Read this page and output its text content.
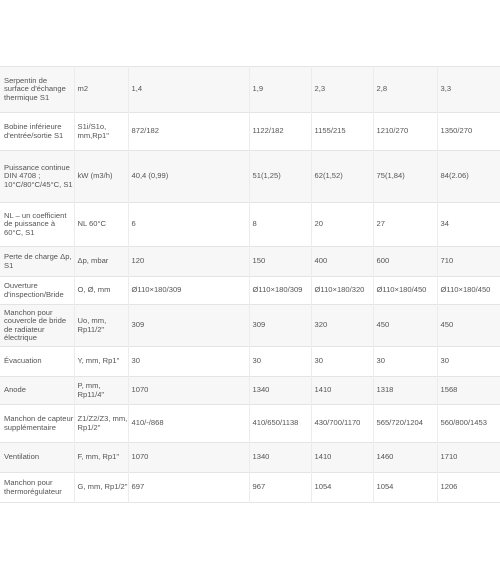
Serpentin de surface d'échange thermique S1	m2	1,4	1,9	2,3	2,8	3,3
Bobine inférieure d'entrée/sortie S1	S1i/S1o, mm,Rp1"	872/182	1122/182	1155/215	1210/270	1350/270
Puissance continue DIN 4708 ; 10°C/80°C/45°C, S1	kW (m3/h)	40,4 (0,99)	51(1,25)	62(1,52)	75(1,84)	84(2.06)
NL – un coefficient de puissance à 60°C, S1	NL 60°C	6	8	20	27	34
Perte de charge Δp, S1	Δp, mbar	120	150	400	600	710
Ouverture d'inspection/Bride	O, Ø, mm	Ø110×180/309	Ø110×180/309	Ø110×180/320	Ø110×180/450	Ø110×180/450
Manchon pour couvercle de bride de radiateur électrique	Uo, mm, Rp11/2"	309	309	320	450	450
Évacuation	Y, mm, Rp1"	30	30	30	30	30
Anode	P, mm, Rp11/4"	1070	1340	1410	1318	1568
Manchon de capteur supplémentaire	Z1/Z2/Z3, mm, Rp1/2"	410/-/868	410/650/1138	430/700/1170	565/720/1204	560/800/1453
Ventilation	F, mm, Rp1"	1070	1340	1410	1460	1710
Manchon pour thermorégulateur	G, mm, Rp1/2"	697	967	1054	1054	1206
